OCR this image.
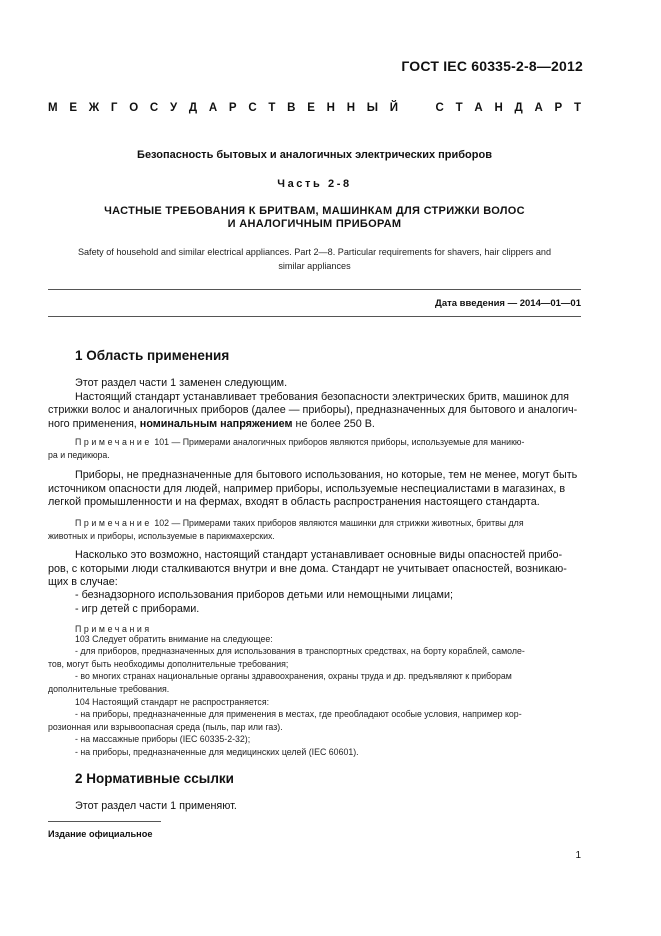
ГОСТ IEC 60335-2-8—2012
М Е Ж Г О С У Д А Р С Т В Е Н Н Ы Й	С Т А Н Д А Р Т
Безопасность бытовых и аналогичных электрических приборов
Часть 2-8
ЧАСТНЫЕ ТРЕБОВАНИЯ К БРИТВАМ, МАШИНКАМ ДЛЯ СТРИЖКИ ВОЛОС
И АНАЛОГИЧНЫМ ПРИБОРАМ
Safety of household and similar electrical appliances. Part 2—8. Particular requirements for shavers, hair clippers and
similar appliances
Дата введения — 2014—01—01
1 Область применения
Этот раздел части 1 заменен следующим.
Настоящий стандарт устанавливает требования безопасности электрических бритв, машинок для
стрижки волос и аналогичных приборов (далее — приборы), предназначенных для бытового и аналогич-
ного применения, номинальным напряжением не более 250 В.
Примечание 101 — Примерами аналогичных приборов являются приборы, используемые для маникю-
ра и педикюра.
Приборы, не предназначенные для бытового использования, но которые, тем не менее, могут быть
источником опасности для людей, например приборы, используемые неспециалистами в магазинах, в
легкой промышленности и на фермах, входят в область распространения настоящего стандарта.
Примечание 102 — Примерами таких приборов являются машинки для стрижки животных, бритвы для
животных и приборы, используемые в парикмахерских.
Насколько это возможно, настоящий стандарт устанавливает основные виды опасностей прибо-
ров, с которыми люди сталкиваются внутри и вне дома. Стандарт не учитывает опасностей, возникаю-
щих в случае:
- безнадзорного использования приборов детьми или немощными лицами;
- игр детей с приборами.
Примечания
103 Следует обратить внимание на следующее:
- для приборов, предназначенных для использования в транспортных средствах, на борту кораблей, самоле-
тов, могут быть необходимы дополнительные требования;
- во многих странах национальные органы здравоохранения, охраны труда и др. предъявляют к приборам
дополнительные требования.
104 Настоящий стандарт не распространяется:
- на приборы, предназначенные для применения в местах, где преобладают особые условия, например кор-
розионная или взрывоопасная среда (пыль, пар или газ).
- на массажные приборы (IEC 60335-2-32);
- на приборы, предназначенные для медицинских целей (IEC 60601).
2 Нормативные ссылки
Этот раздел части 1 применяют.
Издание официальное
1
